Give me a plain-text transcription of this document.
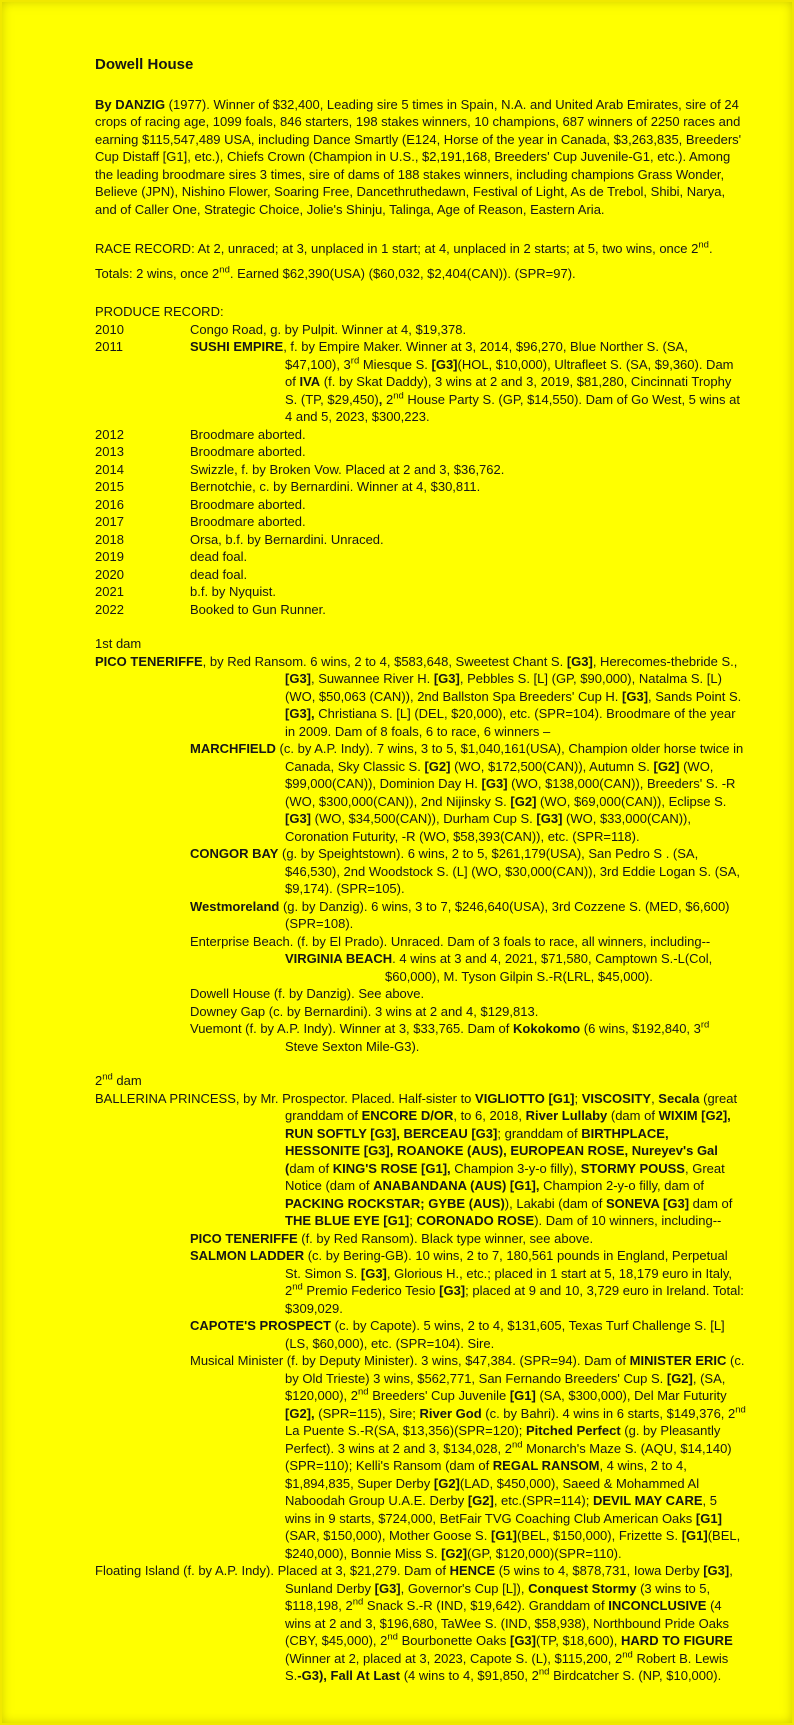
Dowell House
By DANZIG (1977). Winner of $32,400, Leading sire 5 times in Spain, N.A. and United Arab Emirates, sire of 24 crops of racing age, 1099 foals, 846 starters, 198 stakes winners, 10 champions, 687 winners of 2250 races and earning $115,547,489 USA, including Dance Smartly (E124, Horse of the year in Canada, $3,263,835, Breeders' Cup Distaff [G1], etc.), Chiefs Crown (Champion in U.S., $2,191,168, Breeders' Cup Juvenile-G1, etc.). Among the leading broodmare sires 3 times, sire of dams of 188 stakes winners, including champions Grass Wonder, Believe (JPN), Nishino Flower, Soaring Free, Dancethruthedawn, Festival of Light, As de Trebol, Shibi, Narya, and of Caller One, Strategic Choice, Jolie's Shinju, Talinga, Age of Reason, Eastern Aria.
RACE RECORD: At 2, unraced; at 3, unplaced in 1 start; at 4, unplaced in 2 starts; at 5, two wins, once 2nd. Totals: 2 wins, once 2nd. Earned $62,390(USA) ($60,032, $2,404(CAN)). (SPR=97).
PRODUCE RECORD:
2010	Congo Road, g. by Pulpit. Winner at 4, $19,378.
2011	SUSHI EMPIRE, f. by Empire Maker. Winner at 3, 2014, $96,270, Blue Norther S. (SA, $47,100), 3rd Miesque S. [G3](HOL, $10,000), Ultrafleet S. (SA, $9,360). Dam of IVA (f. by Skat Daddy), 3 wins at 2 and 3, 2019, $81,280, Cincinnati Trophy S. (TP, $29,450), 2nd House Party S. (GP, $14,550). Dam of Go West, 5 wins at 4 and 5, 2023, $300,223.
2012	Broodmare aborted.
2013	Broodmare aborted.
2014	Swizzle, f. by Broken Vow. Placed at 2 and 3, $36,762.
2015	Bernotchie, c. by Bernardini. Winner at 4, $30,811.
2016	Broodmare aborted.
2017	Broodmare aborted.
2018	Orsa, b.f. by Bernardini. Unraced.
2019	dead foal.
2020	dead foal.
2021	b.f. by Nyquist.
2022	Booked to Gun Runner.
1st dam
PICO TENERIFFE, by Red Ransom. 6 wins, 2 to 4, $583,648, Sweetest Chant S. [G3], Herecomes-thebride S., [G3], Suwannee River H. [G3], Pebbles S. [L] (GP, $90,000), Natalma S. [L) (WO, $50,063 (CAN)), 2nd Ballston Spa Breeders' Cup H. [G3], Sands Point S. [G3], Christiana S. [L] (DEL, $20,000), etc. (SPR=104). Broodmare of the year in 2009. Dam of 8 foals, 6 to race, 6 winners –
MARCHFIELD (c. by A.P. Indy). 7 wins, 3 to 5, $1,040,161(USA), Champion older horse twice in Canada, Sky Classic S. [G2] (WO, $172,500(CAN)), Autumn S. [G2] (WO, $99,000(CAN)), Dominion Day H. [G3] (WO, $138,000(CAN)), Breeders' S. -R (WO, $300,000(CAN)), 2nd Nijinsky S. [G2] (WO, $69,000(CAN)), Eclipse S. [G3] (WO, $34,500(CAN)), Durham Cup S. [G3] (WO, $33,000(CAN)), Coronation Futurity, -R (WO, $58,393(CAN)), etc. (SPR=118).
CONGOR BAY (g. by Speightstown). 6 wins, 2 to 5, $261,179(USA), San Pedro S . (SA, $46,530), 2nd Woodstock S. (L] (WO, $30,000(CAN)), 3rd Eddie Logan S. (SA, $9,174). (SPR=105).
Westmoreland (g. by Danzig). 6 wins, 3 to 7, $246,640(USA), 3rd Cozzene S. (MED, $6,600) (SPR=108).
Enterprise Beach. (f. by El Prado). Unraced. Dam of 3 foals to race, all winners, including--
VIRGINIA BEACH. 4 wins at 3 and 4, 2021, $71,580, Camptown S.-L(Col, $60,000), M. Tyson Gilpin S.-R(LRL, $45,000).
Dowell House (f. by Danzig). See above.
Downey Gap (c. by Bernardini). 3 wins at 2 and 4, $129,813.
Vuemont (f. by A.P. Indy). Winner at 3, $33,765. Dam of Kokokomo (6 wins, $192,840, 3rd Steve Sexton Mile-G3).
2nd dam
BALLERINA PRINCESS, by Mr. Prospector. Placed. Half-sister to VIGLIOTTO [G1]; VISCOSITY, Secala (great granddam of ENCORE D/OR, to 6, 2018, River Lullaby (dam of WIXIM [G2], RUN SOFTLY [G3], BERCEAU [G3]; granddam of BIRTHPLACE, HESSONITE [G3], ROANOKE (AUS), EUROPEAN ROSE, Nureyev's Gal (dam of KING'S ROSE [G1], Champion 3-y-o filly), STORMY POUSS, Great Notice (dam of ANABANDANA (AUS) [G1], Champion 2-y-o filly, dam of PACKING ROCKSTAR; GYBE (AUS)), Lakabi (dam of SONEVA [G3] dam of THE BLUE EYE [G1]; CORONADO ROSE). Dam of 10 winners, including--
PICO TENERIFFE (f. by Red Ransom). Black type winner, see above.
SALMON LADDER (c. by Bering-GB). 10 wins, 2 to 7, 180,561 pounds in England, Perpetual St. Simon S. [G3], Glorious H., etc.; placed in 1 start at 5, 18,179 euro in Italy, 2nd Premio Federico Tesio [G3]; placed at 9 and 10, 3,729 euro in Ireland. Total: $309,029.
CAPOTE'S PROSPECT (c. by Capote). 5 wins, 2 to 4, $131,605, Texas Turf Challenge S. [L](LS, $60,000), etc. (SPR=104). Sire.
Musical Minister (f. by Deputy Minister). 3 wins, $47,384. (SPR=94). Dam of MINISTER ERIC (c. by Old Trieste) 3 wins, $562,771, San Fernando Breeders' Cup S. [G2], (SA, $120,000), 2nd Breeders' Cup Juvenile [G1] (SA, $300,000), Del Mar Futurity [G2], (SPR=115), Sire; River God (c. by Bahri). 4 wins in 6 starts, $149,376, 2nd La Puente S.-R(SA, $13,356)(SPR=120); Pitched Perfect (g. by Pleasantly Perfect). 3 wins at 2 and 3, $134,028, 2nd Monarch's Maze S. (AQU, $14,140)(SPR=110); Kelli's Ransom (dam of REGAL RANSOM, 4 wins, 2 to 4, $1,894,835, Super Derby [G2](LAD, $450,000), Saeed & Mohammed Al Naboodah Group U.A.E. Derby [G2], etc.(SPR=114); DEVIL MAY CARE, 5 wins in 9 starts, $724,000, BetFair TVG Coaching Club American Oaks [G1] (SAR, $150,000), Mother Goose S. [G1](BEL, $150,000), Frizette S. [G1](BEL, $240,000), Bonnie Miss S. [G2](GP, $120,000)(SPR=110).
Floating Island (f. by A.P. Indy). Placed at 3, $21,279. Dam of HENCE (5 wins to 4, $878,731, Iowa Derby [G3], Sunland Derby [G3], Governor's Cup [L]), Conquest Stormy (3 wins to 5, $118,198, 2nd Snack S.-R (IND, $19,642). Granddam of INCONCLUSIVE (4 wins at 2 and 3, $196,680, TaWee S. (IND, $58,938), Northbound Pride Oaks (CBY, $45,000), 2nd Bourbonette Oaks [G3](TP, $18,600), HARD TO FIGURE (Winner at 2, placed at 3, 2023, Capote S. (L), $115,200, 2nd Robert B. Lewis S.-G3), Fall At Last (4 wins to 4, $91,850, 2nd Birdcatcher S. (NP, $10,000).
